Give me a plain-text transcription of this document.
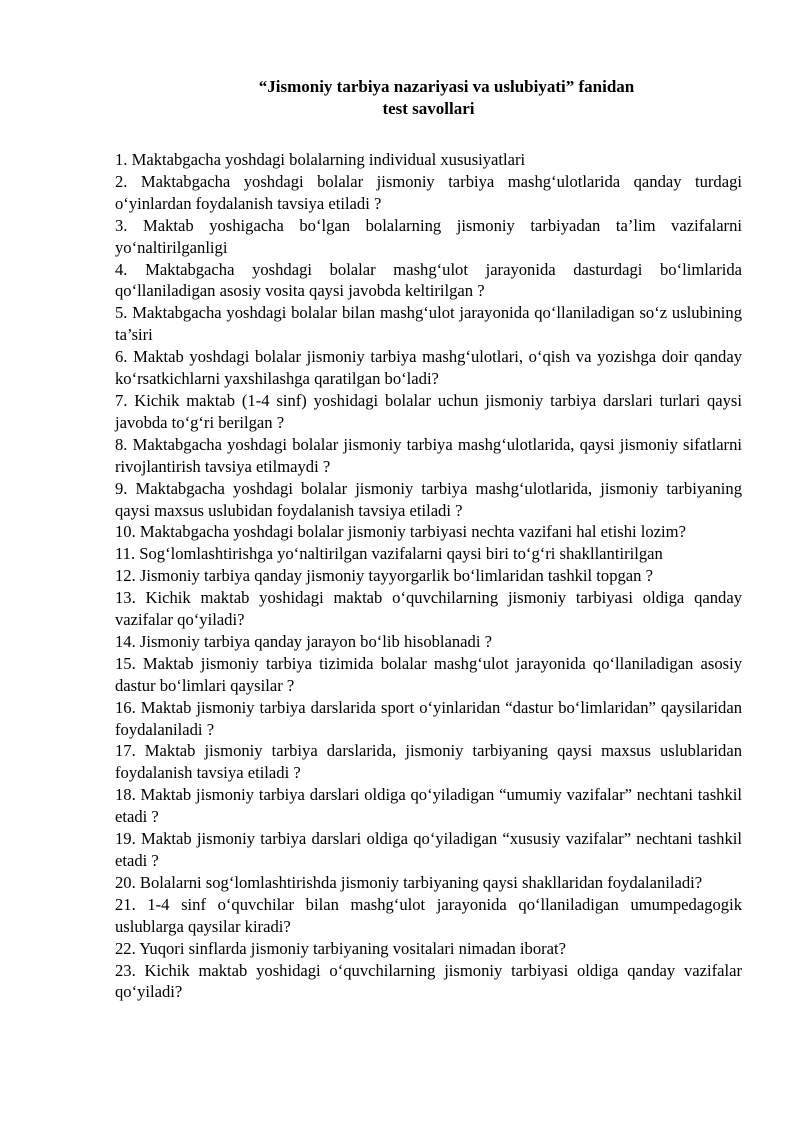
“Jismoniy tarbiya nazariyasi va uslubiyati” fanidan
test savollari

1. Maktabgacha yoshdagi bolalarning individual xususiyatlari

2. Maktabgacha yoshdagi bolalar jismoniy tarbiya mashg‘ulotlarida qanday turdagi o‘yinlardan foydalanish tavsiya etiladi ?

3. Maktab yoshigacha bo‘lgan bolalarning jismoniy tarbiyadan ta’lim vazifalarni yo‘naltirilganligi

4. Maktabgacha yoshdagi bolalar mashg‘ulot jarayonida dasturdagi bo‘limlarida qo‘llaniladigan asosiy vosita qaysi javobda keltirilgan ?

5. Maktabgacha yoshdagi bolalar bilan mashg‘ulot jarayonida qo‘llaniladigan so‘z uslubining ta’siri

6. Maktab yoshdagi bolalar jismoniy tarbiya mashg‘ulotlari, o‘qish va yozishga doir qanday ko‘rsatkichlarni yaxshilashga qaratilgan bo‘ladi?

7. Kichik maktab (1-4 sinf) yoshidagi bolalar uchun jismoniy tarbiya darslari turlari qaysi javobda to‘g‘ri berilgan ?

8. Maktabgacha yoshdagi bolalar jismoniy tarbiya mashg‘ulotlarida, qaysi jismoniy sifatlarni rivojlantirish tavsiya etilmaydi ?

9. Maktabgacha yoshdagi bolalar jismoniy tarbiya mashg‘ulotlarida, jismoniy tarbiyaning qaysi maxsus uslubidan foydalanish tavsiya etiladi ?

10. Maktabgacha yoshdagi bolalar jismoniy tarbiyasi nechta vazifani hal etishi lozim?

11. Sog‘lomlashtirishga yo‘naltirilgan vazifalarni qaysi biri to‘g‘ri shakllantirilgan

12. Jismoniy tarbiya qanday jismoniy tayyorgarlik bo‘limlaridan tashkil topgan ?

13. Kichik maktab yoshidagi maktab o‘quvchilarning jismoniy tarbiyasi oldiga qanday vazifalar qo‘yiladi?

14. Jismoniy tarbiya qanday jarayon bo‘lib hisoblanadi ?

15. Maktab jismoniy tarbiya tizimida bolalar mashg‘ulot jarayonida qo‘llaniladigan asosiy dastur bo‘limlari qaysilar ?

16. Maktab jismoniy tarbiya darslarida sport o‘yinlaridan “dastur bo‘limlaridan” qaysilaridan foydalaniladi ?

17. Maktab jismoniy tarbiya darslarida, jismoniy tarbiyaning qaysi maxsus uslublaridan foydalanish tavsiya etiladi ?

18. Maktab jismoniy tarbiya darslari oldiga qo‘yiladigan “umumiy vazifalar” nechtani tashkil etadi ?

19. Maktab jismoniy tarbiya darslari oldiga qo‘yiladigan “xususiy vazifalar” nechtani tashkil etadi ?

20. Bolalarni sog‘lomlashtirishda jismoniy tarbiyaning qaysi shakllaridan foydalaniladi?

21. 1-4 sinf o‘quvchilar bilan mashg‘ulot jarayonida qo‘llaniladigan umumpedagogik uslublarga qaysilar kiradi?

22. Yuqori sinflarda jismoniy tarbiyaning vositalari nimadan iborat?

23. Kichik maktab yoshidagi o‘quvchilarning jismoniy tarbiyasi oldiga qanday vazifalar qo‘yiladi?
